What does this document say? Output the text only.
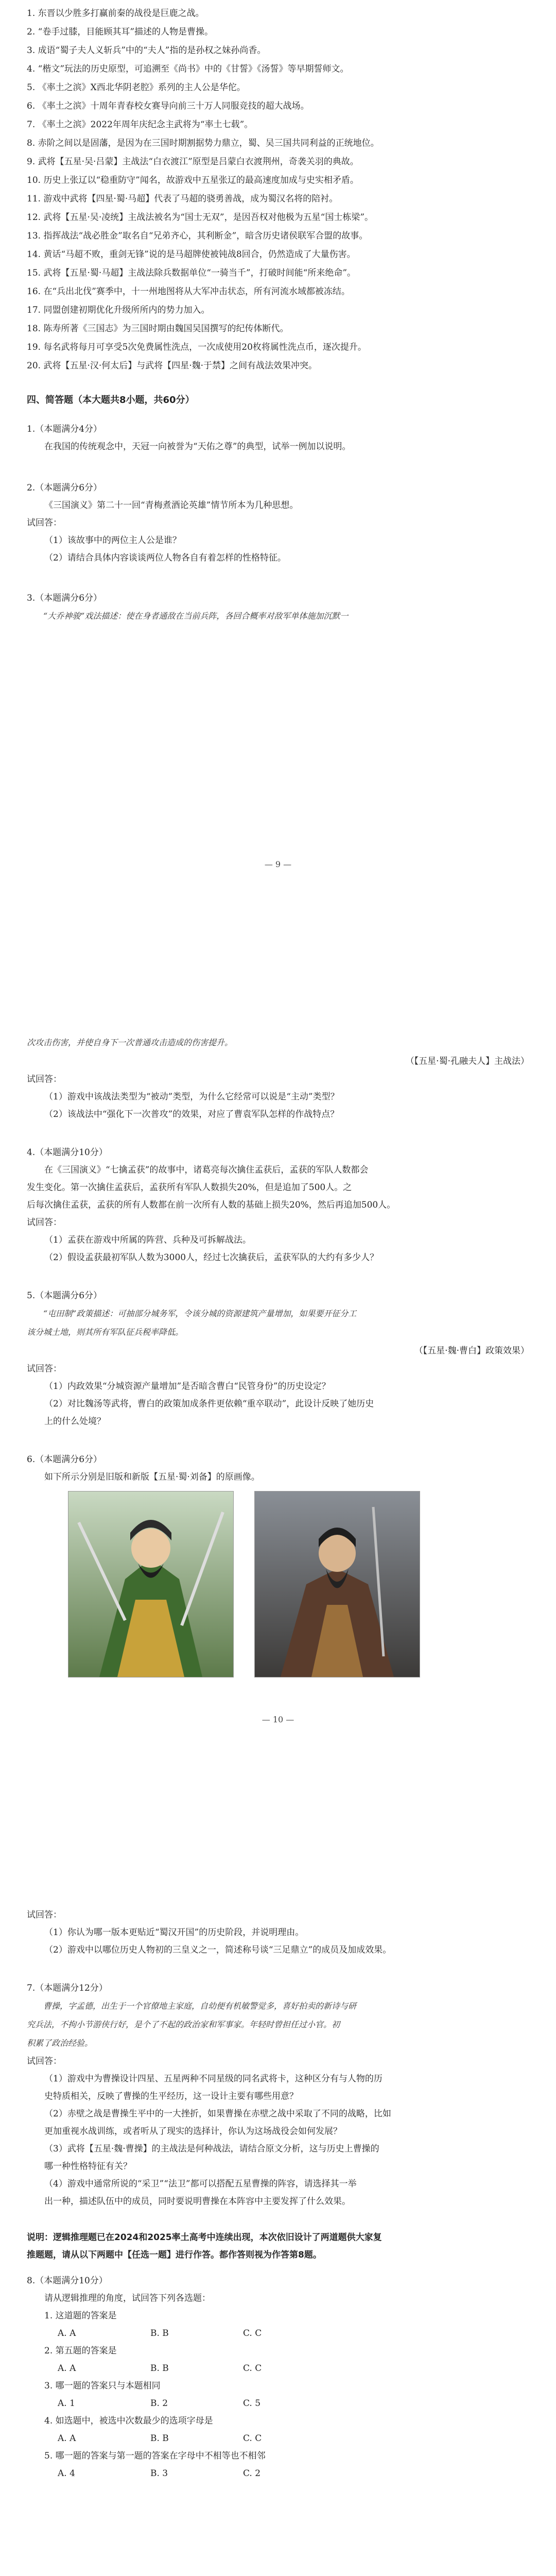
1. 东晋以少胜多打赢前秦的战役是巨鹿之战。
2. “卷手过膝，目能顾其耳”描述的人物是曹操。
3. 成语“蜀子夫人义斩兵”中的“夫人”指的是孙权之妹孙尚香。
4. “楷文”玩法的历史原型，可追溯至《尚书》中的《甘誓》《汤誓》等早期誓师文。
5. 《率土之滨》X西北华阴老腔》系列的主人公是华佗。
6. 《率土之滨》十周年青春校女赛导向前三十万人同服竞技的超大战场。
7. 《率土之滨》2022年周年庆纪念主武将为“率土七载”。
8. 赤阶之间以是固藩，是因为在三国时期割据势力鼎立，蜀、吴三国共同利益的正统地位。
9. 武将【五星·吴·吕蒙】主战法“白衣渡江”原型是吕蒙白衣渡荆州，奇袭关羽的典故。
10. 历史上张辽以“稳重防守”闻名，故游戏中五星张辽的最高速度加成与史实相矛盾。
11. 游戏中武将【四星·蜀·马超】代表了马超的骁勇善战，成为蜀汉名将的陪衬。
12. 武将【五星·吴·凌统】主战法被名为“国士无双”，是因吾权对他极为五星“国士栋梁”。
13. 指挥战法“战必胜金”取名自“兄弟齐心，其利断金”，暗含历史诸侯联军合盟的故事。
14. 黄话“马超不败，重剑无锋”说的是马超牌使被钝战8回合，仍然造成了大量伤害。
15. 武将【五星·蜀·马超】主战法除兵数据单位“一骑当千”，打破时间能“所来绝命”。
16. 在“兵出北伐”赛季中，十一州地图将从大军冲击状态，所有河流水域都被冻结。
17. 同盟创建初期优化升级所所内的势力加入。
18. 陈寿所著《三国志》为三国时期由魏国吴国撰写的纪传体断代。
19. 每名武将每月可享受5次免费属性洗点，一次成使用20枚将属性洗点币，逐次提升。
20. 武将【五星·汉·何太后】与武将【四星·魏·于禁】之间有战法效果冲突。
四、简答题（本大题共8小题，共60分）
1.（本题满分4分）

在我国的传统观念中，天冠一向被誉为“天佑之尊”的典型，试举一例加以说明。

2.（本题满分6分）

《三国演义》第二十一回“青梅煮酒论英雄”情节所本为几种思想。

试回答：
（1）该故事中的两位主人公是谁？
（2）请结合具体内容谈谈两位人物各自有着怎样的性格特征。
3.（本题满分6分）
“大乔神骏”戏法描述：使在身者通敌在当前兵阵，各回合概率对敌军单体施加沉默一
— 9 —
次攻击伤害，并使自身下一次普通攻击造成的伤害提升。
（【五星·蜀·孔融夫人】主战法）
试回答：
（1）游戏中该战法类型为“被动”类型，为什么它经常可以说是“主动”类型？
（2）该战法中“强化下一次普攻”的效果，对应了曹袁军队怎样的作战特点？
4.（本题满分10分）

在《三国演义》“七擒孟获”的故事中，诸葛亮每次擒住孟获后，孟获的军队人数都会

发生变化。第一次擒住孟获后，孟获所有军队人数损失20%，但是追加了500人。之

后每次擒住孟获，孟获的所有人数都在前一次所有人数的基础上损失20%，然后再追加500人。

试回答：
（1）孟获在游戏中所属的阵营、兵种及可拆解战法。
（2）假设孟获最初军队人数为3000人，经过七次擒获后，孟获军队的大约有多少人？
5.（本题满分6分）
“屯田制”政策描述：可抽部分城务军，令该分城的资源建筑产量增加，如果要开征分工
该分城土地，则其所有军队征兵税率降低。
（【五星·魏·曹白】政策效果）
试回答：
（1）内政效果“分城资源产量增加”是否暗含曹白“民管身份”的历史设定？
（2）对比魏汤等武将，曹白的政策加成条件更依赖“重卒联动”，此设计反映了她历史
上的什么处境？
6.（本题满分6分）

如下所示分别是旧版和新版【五星·蜀·刘备】的原画像。

— 10 —
试回答：
（1）你认为哪一版本更贴近“蜀汉开国”的历史阶段，并说明理由。
（2）游戏中以哪位历史人物初的三皇义之一，简述称号谈“三足鼎立”的成员及加成效果。
7.（本题满分12分）
曹操，字孟德，出生于一个官僚地主家庭，自幼便有机敏警觉多，喜好拍卖的新诗与研
究兵法，不拘小节游侠行好，是个了不起的政治家和军事家。年轻时曾担任过小官。初
积累了政治经验。
试回答：
（1）游戏中为曹操设计四星、五星两种不同星级的同名武将卡，这种区分有与人物的历
史特质相关，反映了曹操的生平经历，这一设计主要有哪些用意？
（2）赤壁之战是曹操生平中的一大挫折，如果曹操在赤壁之战中采取了不同的战略，比如
更加重视水战训练，或者听从了现实的选择计，你认为这场战役会如何发展？
（3）武将【五星·魏·曹操】的主战法是何种战法，请结合原文分析，这与历史上曹操的
哪一种性格特征有关？
（4）游戏中通常所说的“采卫”“法卫”都可以搭配五星曹操的阵容，请选择其一举
出一种，描述队伍中的成员，同时要说明曹操在本阵容中主要发挥了什么效果。
说明：逻辑推理题已在2024和2025率土高考中连续出现，本次依旧设计了两道题供大家复
推题题，请从以下两题中【任选一题】进行作答。都作答则视为作答第8题。
8.（本题满分10分）

请从逻辑推理的角度，试回答下列各选题：

1. 这道题的答案是
A. A	B. B	C. C
2. 第五题的答案是
A. A	B. B	C. C
3. 哪一题的答案只与本题相同
A. 1	B. 2	C. 5
4. 如选题中，被选中次数最少的选项字母是
A. A	B. B	C. C
5. 哪一题的答案与第一题的答案在字母中不相等也不相邻
A. 4	B. 3	C. 2
